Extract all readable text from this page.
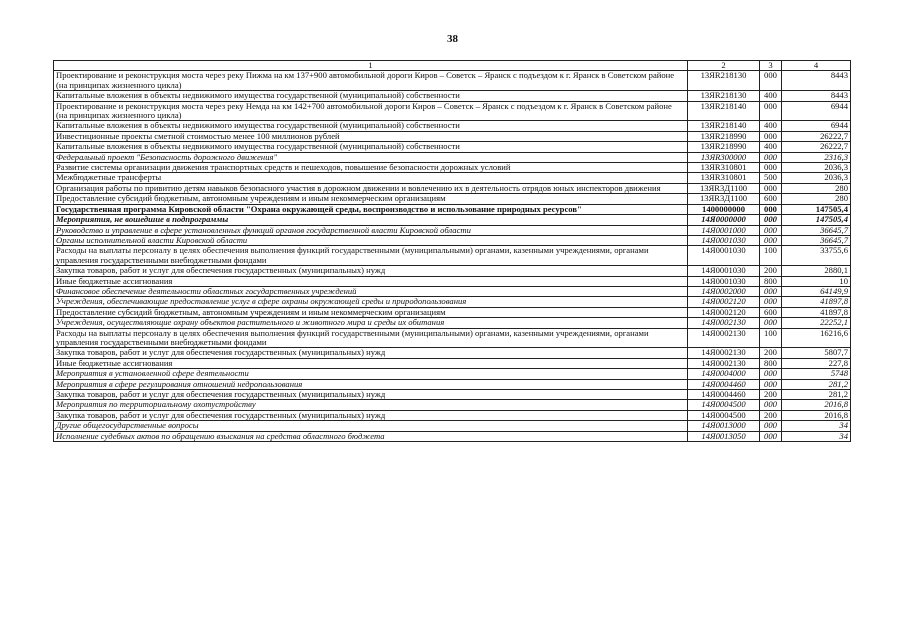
38
1	2	3	4
Проектирование и реконструкция моста через реку Пижма на км 137+900 автомобильной дороги Киров – Советск – Яранск с подъездом к г. Яранск в Советском районе (на принципах жизненного цикла)	13ЯR218130	000	8443
Капитальные вложения в объекты недвижимого имущества государственной (муниципальной) собственности	13ЯR218130	400	8443
Проектирование и реконструкция моста через реку Немда на км 142+700 автомобильной дороги Киров – Советск – Яранск с подъездом к г. Яранск в Советском районе (на принципах жизненного цикла)	13ЯR218140	000	6944
Капитальные вложения в объекты недвижимого имущества государственной (муниципальной) собственности	13ЯR218140	400	6944
Инвестиционные проекты сметной стоимостью менее 100 миллионов рублей	13ЯR218990	000	26222,7
Капитальные вложения в объекты недвижимого имущества государственной (муниципальной) собственности	13ЯR218990	400	26222,7
Федеральный проект "Безопасность дорожного движения"	13ЯR300000	000	2316,3
Развитие системы организации движения транспортных средств и пешеходов, повышение безопасности дорожных условий	13ЯR310801	000	2036,3
Межбюджетные трансферты	13ЯR310801	500	2036,3
Организация работы по привитию детям навыков безопасного участия в дорожном движении и вовлечению их в деятельность отрядов юных инспекторов движения	13ЯR3Д1100	000	280
Предоставление субсидий бюджетным, автономным учреждениям и иным некоммерческим организациям	13ЯR3Д1100	600	280
Государственная программа Кировской области "Охрана окружающей среды, воспроизводство и использование природных ресурсов"	1400000000	000	147505,4
Мероприятия, не вошедшие в подпрограммы	14Я0000000	000	147505,4
Руководство и управление в сфере установленных функций органов государственной власти Кировской области	14Я0001000	000	36645,7
Органы исполнительной власти Кировской области	14Я0001030	000	36645,7
Расходы на выплаты персоналу в целях обеспечения выполнения функций государственными (муниципальными) органами, казенными учреждениями, органами управления государственными внебюджетными фондами	14Я0001030	100	33755,6
Закупка товаров, работ и услуг для обеспечения государственных (муниципальных) нужд	14Я0001030	200	2880,1
Иные бюджетные ассигнования	14Я0001030	800	10
Финансовое обеспечение деятельности областных государственных учреждений	14Я0002000	000	64149,9
Учреждения, обеспечивающие предоставление услуг в сфере охраны окружающей среды и природопользования	14Я0002120	000	41897,8
Предоставление субсидий бюджетным, автономным учреждениям и иным некоммерческим организациям	14Я0002120	600	41897,8
Учреждения, осуществляющие охрану объектов растительного и животного мира и среды их обитания	14Я0002130	000	22252,1
Расходы на выплаты персоналу в целях обеспечения выполнения функций государственными (муниципальными) органами, казенными учреждениями, органами управления государственными внебюджетными фондами	14Я0002130	100	16216,6
Закупка товаров, работ и услуг для обеспечения государственных (муниципальных) нужд	14Я0002130	200	5807,7
Иные бюджетные ассигнования	14Я0002130	800	227,8
Мероприятия в установленной сфере деятельности	14Я0004000	000	5748
Мероприятия в сфере регулирования отношений недропользования	14Я0004460	000	281,2
Закупка товаров, работ и услуг для обеспечения государственных (муниципальных) нужд	14Я0004460	200	281,2
Мероприятия по территориальному охотустройству	14Я0004500	000	2016,8
Закупка товаров, работ и услуг для обеспечения государственных (муниципальных) нужд	14Я0004500	200	2016,8
Другие общегосударственные вопросы	14Я0013000	000	34
Исполнение судебных актов по обращению взыскания на средства областного бюджета	14Я0013050	000	34
